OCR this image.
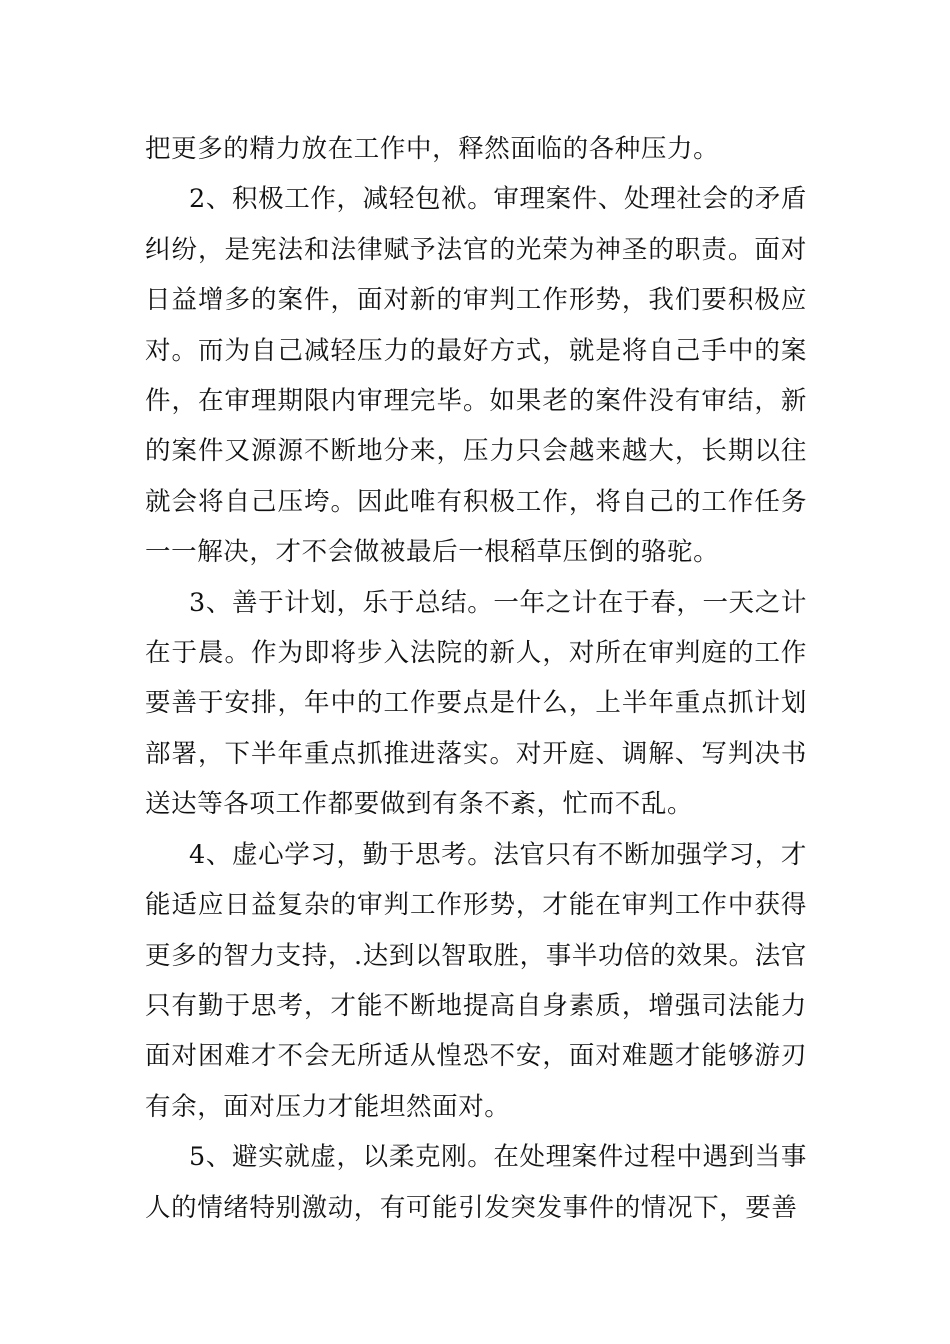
把更多的精力放在工作中，释然面临的各种压力。

2、积极工作，减轻包袱。审理案件、处理社会的矛盾纠纷，是宪法和法律赋予法官的光荣为神圣的职责。面对日益增多的案件，面对新的审判工作形势，我们要积极应对。而为自己减轻压力的最好方式，就是将自己手中的案件，在审理期限内审理完毕。如果老的案件没有审结，新的案件又源源不断地分来，压力只会越来越大，长期以往就会将自己压垮。因此唯有积极工作，将自己的工作任务一一解决，才不会做被最后一根稻草压倒的骆驼。

3、善于计划，乐于总结。一年之计在于春，一天之计在于晨。作为即将步入法院的新人，对所在审判庭的工作要善于安排，年中的工作要点是什么，上半年重点抓计划部署，下半年重点抓推进落实。对开庭、调解、写判决书送达等各项工作都要做到有条不紊，忙而不乱。

4、虚心学习，勤于思考。法官只有不断加强学习，才能适应日益复杂的审判工作形势，才能在审判工作中获得更多的智力支持，.达到以智取胜，事半功倍的效果。法官只有勤于思考，才能不断地提高自身素质，增强司法能力面对困难才不会无所适从惶恐不安，面对难题才能够游刃有余，面对压力才能坦然面对。

5、避实就虚，以柔克刚。在处理案件过程中遇到当事人的情绪特别激动，有可能引发突发事件的情况下，要善
